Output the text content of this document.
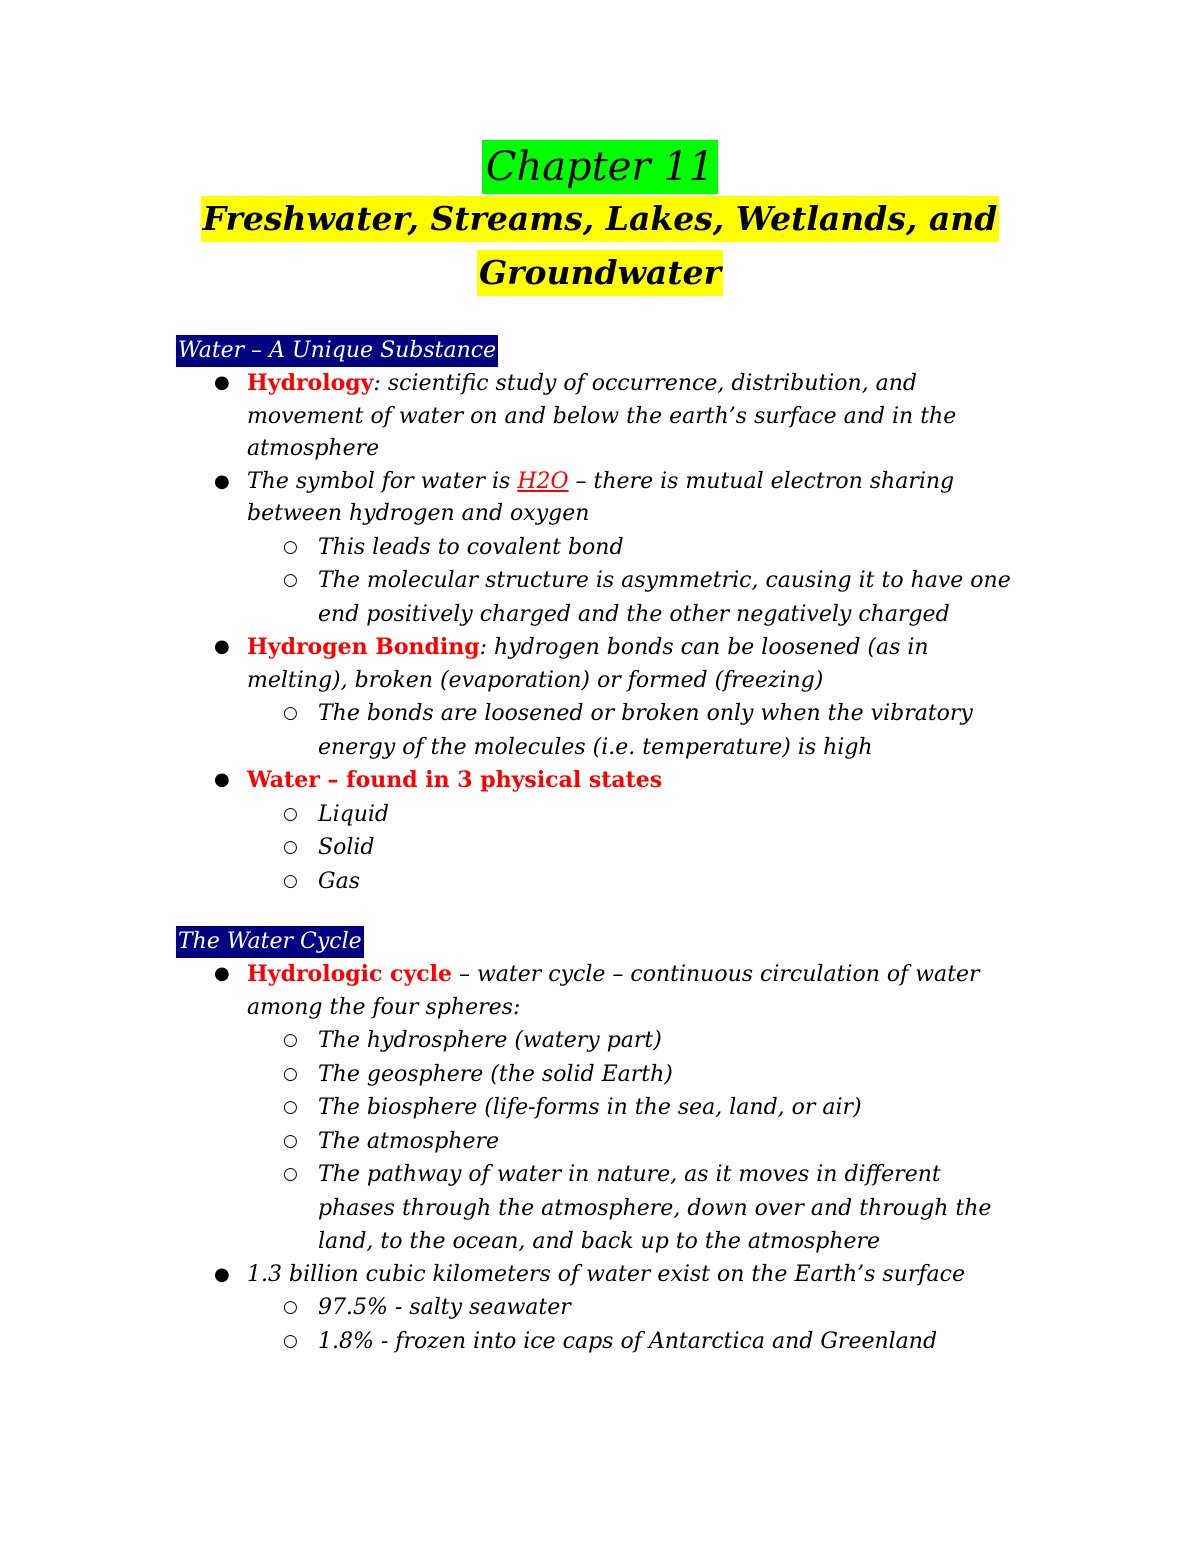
Chapter 11
Freshwater, Streams, Lakes, Wetlands, and
Groundwater
Water – A Unique Substance
● Hydrology: scientific study of occurrence, distribution, and movement of water on and below the earth’s surface and in the atmosphere
● The symbol for water is H2O – there is mutual electron sharing between hydrogen and oxygen
○ This leads to covalent bond
○ The molecular structure is asymmetric, causing it to have one end positively charged and the other negatively charged
● Hydrogen Bonding: hydrogen bonds can be loosened (as in melting), broken (evaporation) or formed (freezing)
○ The bonds are loosened or broken only when the vibratory energy of the molecules (i.e. temperature) is high
● Water – found in 3 physical states
○ Liquid
○ Solid
○ Gas
The Water Cycle
● Hydrologic cycle – water cycle – continuous circulation of water among the four spheres:
○ The hydrosphere (watery part)
○ The geosphere (the solid Earth)
○ The biosphere (life-forms in the sea, land, or air)
○ The atmosphere
○ The pathway of water in nature, as it moves in different phases through the atmosphere, down over and through the land, to the ocean, and back up to the atmosphere
● 1.3 billion cubic kilometers of water exist on the Earth’s surface
○ 97.5% - salty seawater
○ 1.8% - frozen into ice caps of Antarctica and Greenland
